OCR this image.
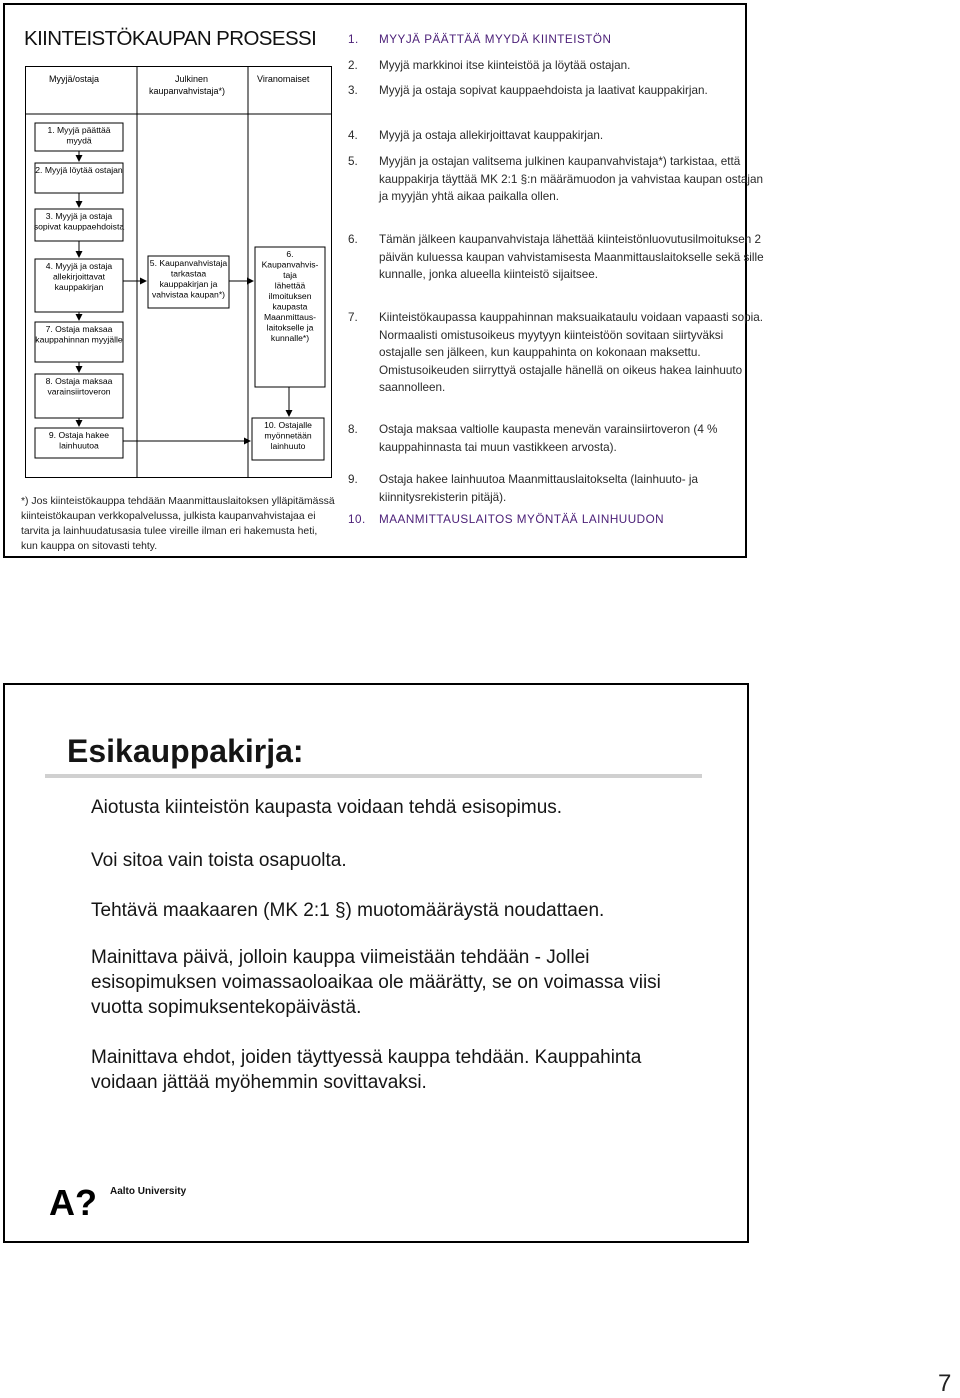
KIINTEISTÖKAUPAN PROSESSI
Myyjä/ostaja	Julkinen
kaupanvahvistaja*)
Viranomaiset
1. Myyjä päättää
myydä
2. Myyjä löytää ostajan
3. Myyjä ja ostaja
sopivat kauppaehdoista
4. Myyjä ja ostaja
allekirjoittavat
kauppakirjan
5. Kaupanvahvistaja
tarkastaa
kauppakirjan ja
vahvistaa kaupan*)
6.
Kaupanvahvis-
taja
lähettää
ilmoituksen
kaupasta
Maanmittaus-
laitokselle ja
kunnalle*)
7. Ostaja maksaa
kauppahinnan myyjälle
8. Ostaja maksaa
varainsiirtoveron
9. Ostaja hakee
lainhuutoa
10. Ostajalle
myönnetään
lainhuuto
*) Jos kiinteistökauppa tehdään Maanmittauslaitoksen ylläpitämässä kiinteistökaupan verkkopalvelussa, julkista kaupanvahvistajaa ei tarvita ja lainhuudatusasia tulee vireille ilman eri hakemusta heti, kun kauppa on sitovasti tehty.
1. MYYJÄ PÄÄTTÄÄ MYYDÄ KIINTEISTÖN
2. Myyjä markkinoi itse kiinteistöä ja löytää ostajan.
3. Myyjä ja ostaja sopivat kauppaehdoista ja laativat kauppakirjan.
4. Myyjä ja ostaja allekirjoittavat kauppakirjan.
5. Myyjän ja ostajan valitsema julkinen kaupanvahvistaja*) tarkistaa, että kauppakirja täyttää MK 2:1 §:n määrämuodon ja vahvistaa kaupan ostajan ja myyjän yhtä aikaa paikalla ollen.
6. Tämän jälkeen kaupanvahvistaja lähettää kiinteistönluovutusilmoituksen 2 päivän kuluessa kaupan vahvistamisesta Maanmittauslaitokselle sekä sille kunnalle, jonka alueella kiinteistö sijaitsee.
7. Kiinteistökaupassa kauppahinnan maksuaikataulu voidaan vapaasti sopia. Normaalisti omistusoikeus myytyyn kiinteistöön sovitaan siirtyväksi ostajalle sen jälkeen, kun kauppahinta on kokonaan maksettu. Omistusoikeuden siirryttyä ostajalle hänellä on oikeus hakea lainhuuto saannolleen.
8. Ostaja maksaa valtiolle kaupasta menevän varainsiirtoveron (4 % kauppahinnasta tai muun vastikkeen arvosta).
9. Ostaja hakee lainhuutoa Maanmittauslaitokselta (lainhuuto- ja kiinnitysrekisterin pitäjä).
10. MAANMITTAUSLAITOS MYÖNTÄÄ LAINHUUDON
Esikauppakirja:

Aiotusta kiinteistön kaupasta voidaan tehdä esisopimus.

Voi sitoa vain toista osapuolta.

Tehtävä maakaaren (MK 2:1 §) muotomääräystä noudattaen.

Mainittava päivä, jolloin kauppa viimeistään tehdään - Jollei esisopimuksen voimassaoloaikaa ole määrätty, se on voimassa viisi vuotta sopimuksentekopäivästä.

Mainittava ehdot, joiden täyttyessä kauppa tehdään. Kauppahinta voidaan jättää myöhemmin sovittavaksi.

A? Aalto University
7
